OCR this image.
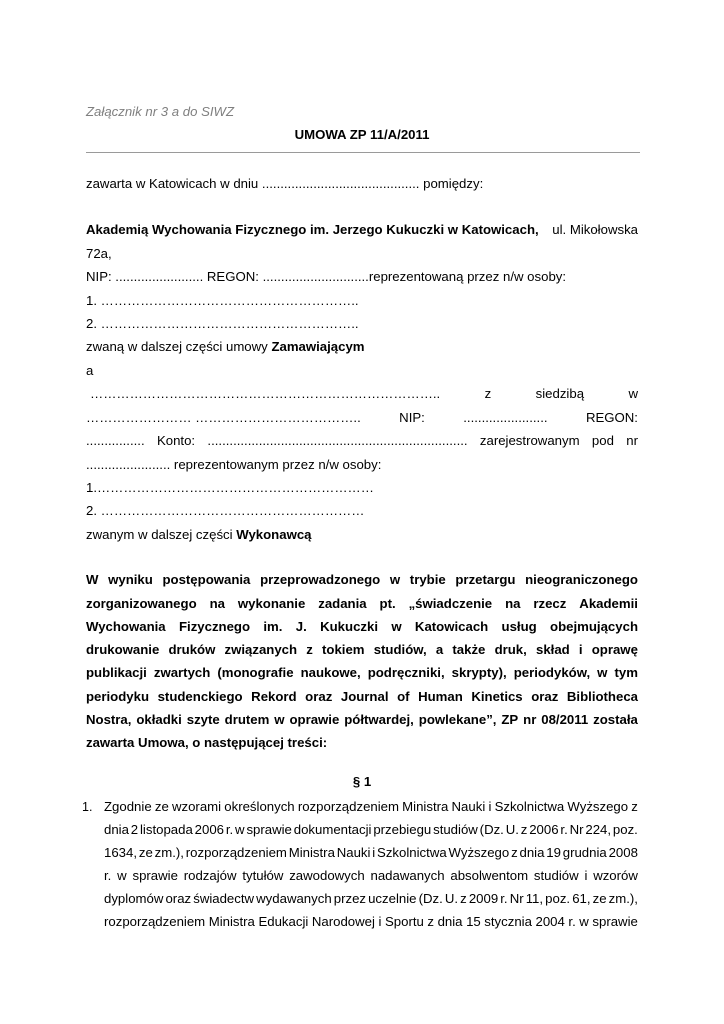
Załącznik nr 3 a do SIWZ
UMOWA ZP 11/A/2011
zawarta w Katowicach w dniu ........................................... pomiędzy:
Akademią Wychowania Fizycznego im. Jerzego Kukuczki w Katowicach, ul. Mikołowska
72a,
NIP: ........................ REGON: .............................reprezentowaną przez n/w osoby:
1. …………………………………………………..
2. …………………………………………………..
zwaną w dalszej części umowy Zamawiającym
a
……………………………………………………………………..	z	siedzibą	w
…………………… ………………………………..	NIP:	.......................	REGON:
................ Konto: ....................................................................... zarejestrowanym pod nr
....................... reprezentowanym przez n/w osoby:
1.………………………………………………………
2. ……………………………………………………
zwanym w dalszej części Wykonawcą
W wyniku postępowania przeprowadzonego w trybie przetargu nieograniczonego
zorganizowanego na wykonanie zadania pt. „świadczenie na rzecz Akademii
Wychowania Fizycznego im. J. Kukuczki w Katowicach usług obejmujących
drukowanie druków związanych z tokiem studiów, a także druk, skład i oprawę
publikacji zwartych (monografie naukowe, podręczniki, skrypty), periodyków, w tym
periodyku studenckiego Rekord oraz Journal of Human Kinetics oraz Bibliotheca
Nostra, okładki szyte drutem w oprawie półtwardej, powlekane”, ZP nr 08/2011 została
zawarta Umowa, o następującej treści:
§ 1
1. Zgodnie ze wzorami określonych rozporządzeniem Ministra Nauki i Szkolnictwa Wyższego z
dnia 2 listopada 2006 r. w sprawie dokumentacji przebiegu studiów (Dz. U. z 2006 r. Nr 224, poz.
1634, ze zm.), rozporządzeniem Ministra Nauki i Szkolnictwa Wyższego z dnia 19 grudnia 2008
r. w sprawie rodzajów tytułów zawodowych nadawanych absolwentom studiów i wzorów
dyplomów oraz świadectw wydawanych przez uczelnie (Dz. U. z 2009 r. Nr 11, poz. 61, ze zm.),
rozporządzeniem Ministra Edukacji Narodowej i Sportu z dnia 15 stycznia 2004 r. w sprawie
